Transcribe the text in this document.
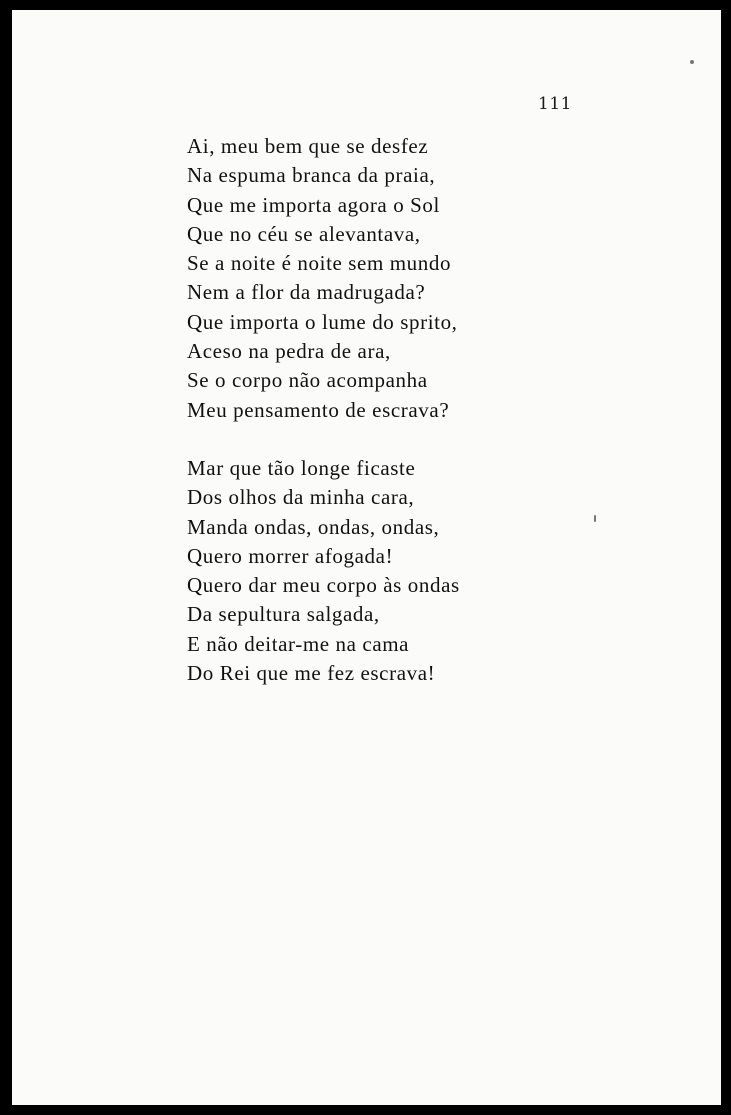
111

Ai, meu bem que se desfez
Na espuma branca da praia,
Que me importa agora o Sol
Que no céu se alevantava,
Se a noite é noite sem mundo
Nem a flor da madrugada?
Que importa o lume do sprito,
Aceso na pedra de ara,
Se o corpo não acompanha
Meu pensamento de escrava?

Mar que tão longe ficaste
Dos olhos da minha cara,
Manda ondas, ondas, ondas,
Quero morrer afogada!
Quero dar meu corpo às ondas
Da sepultura salgada,
E não deitar-me na cama
Do Rei que me fez escrava!
